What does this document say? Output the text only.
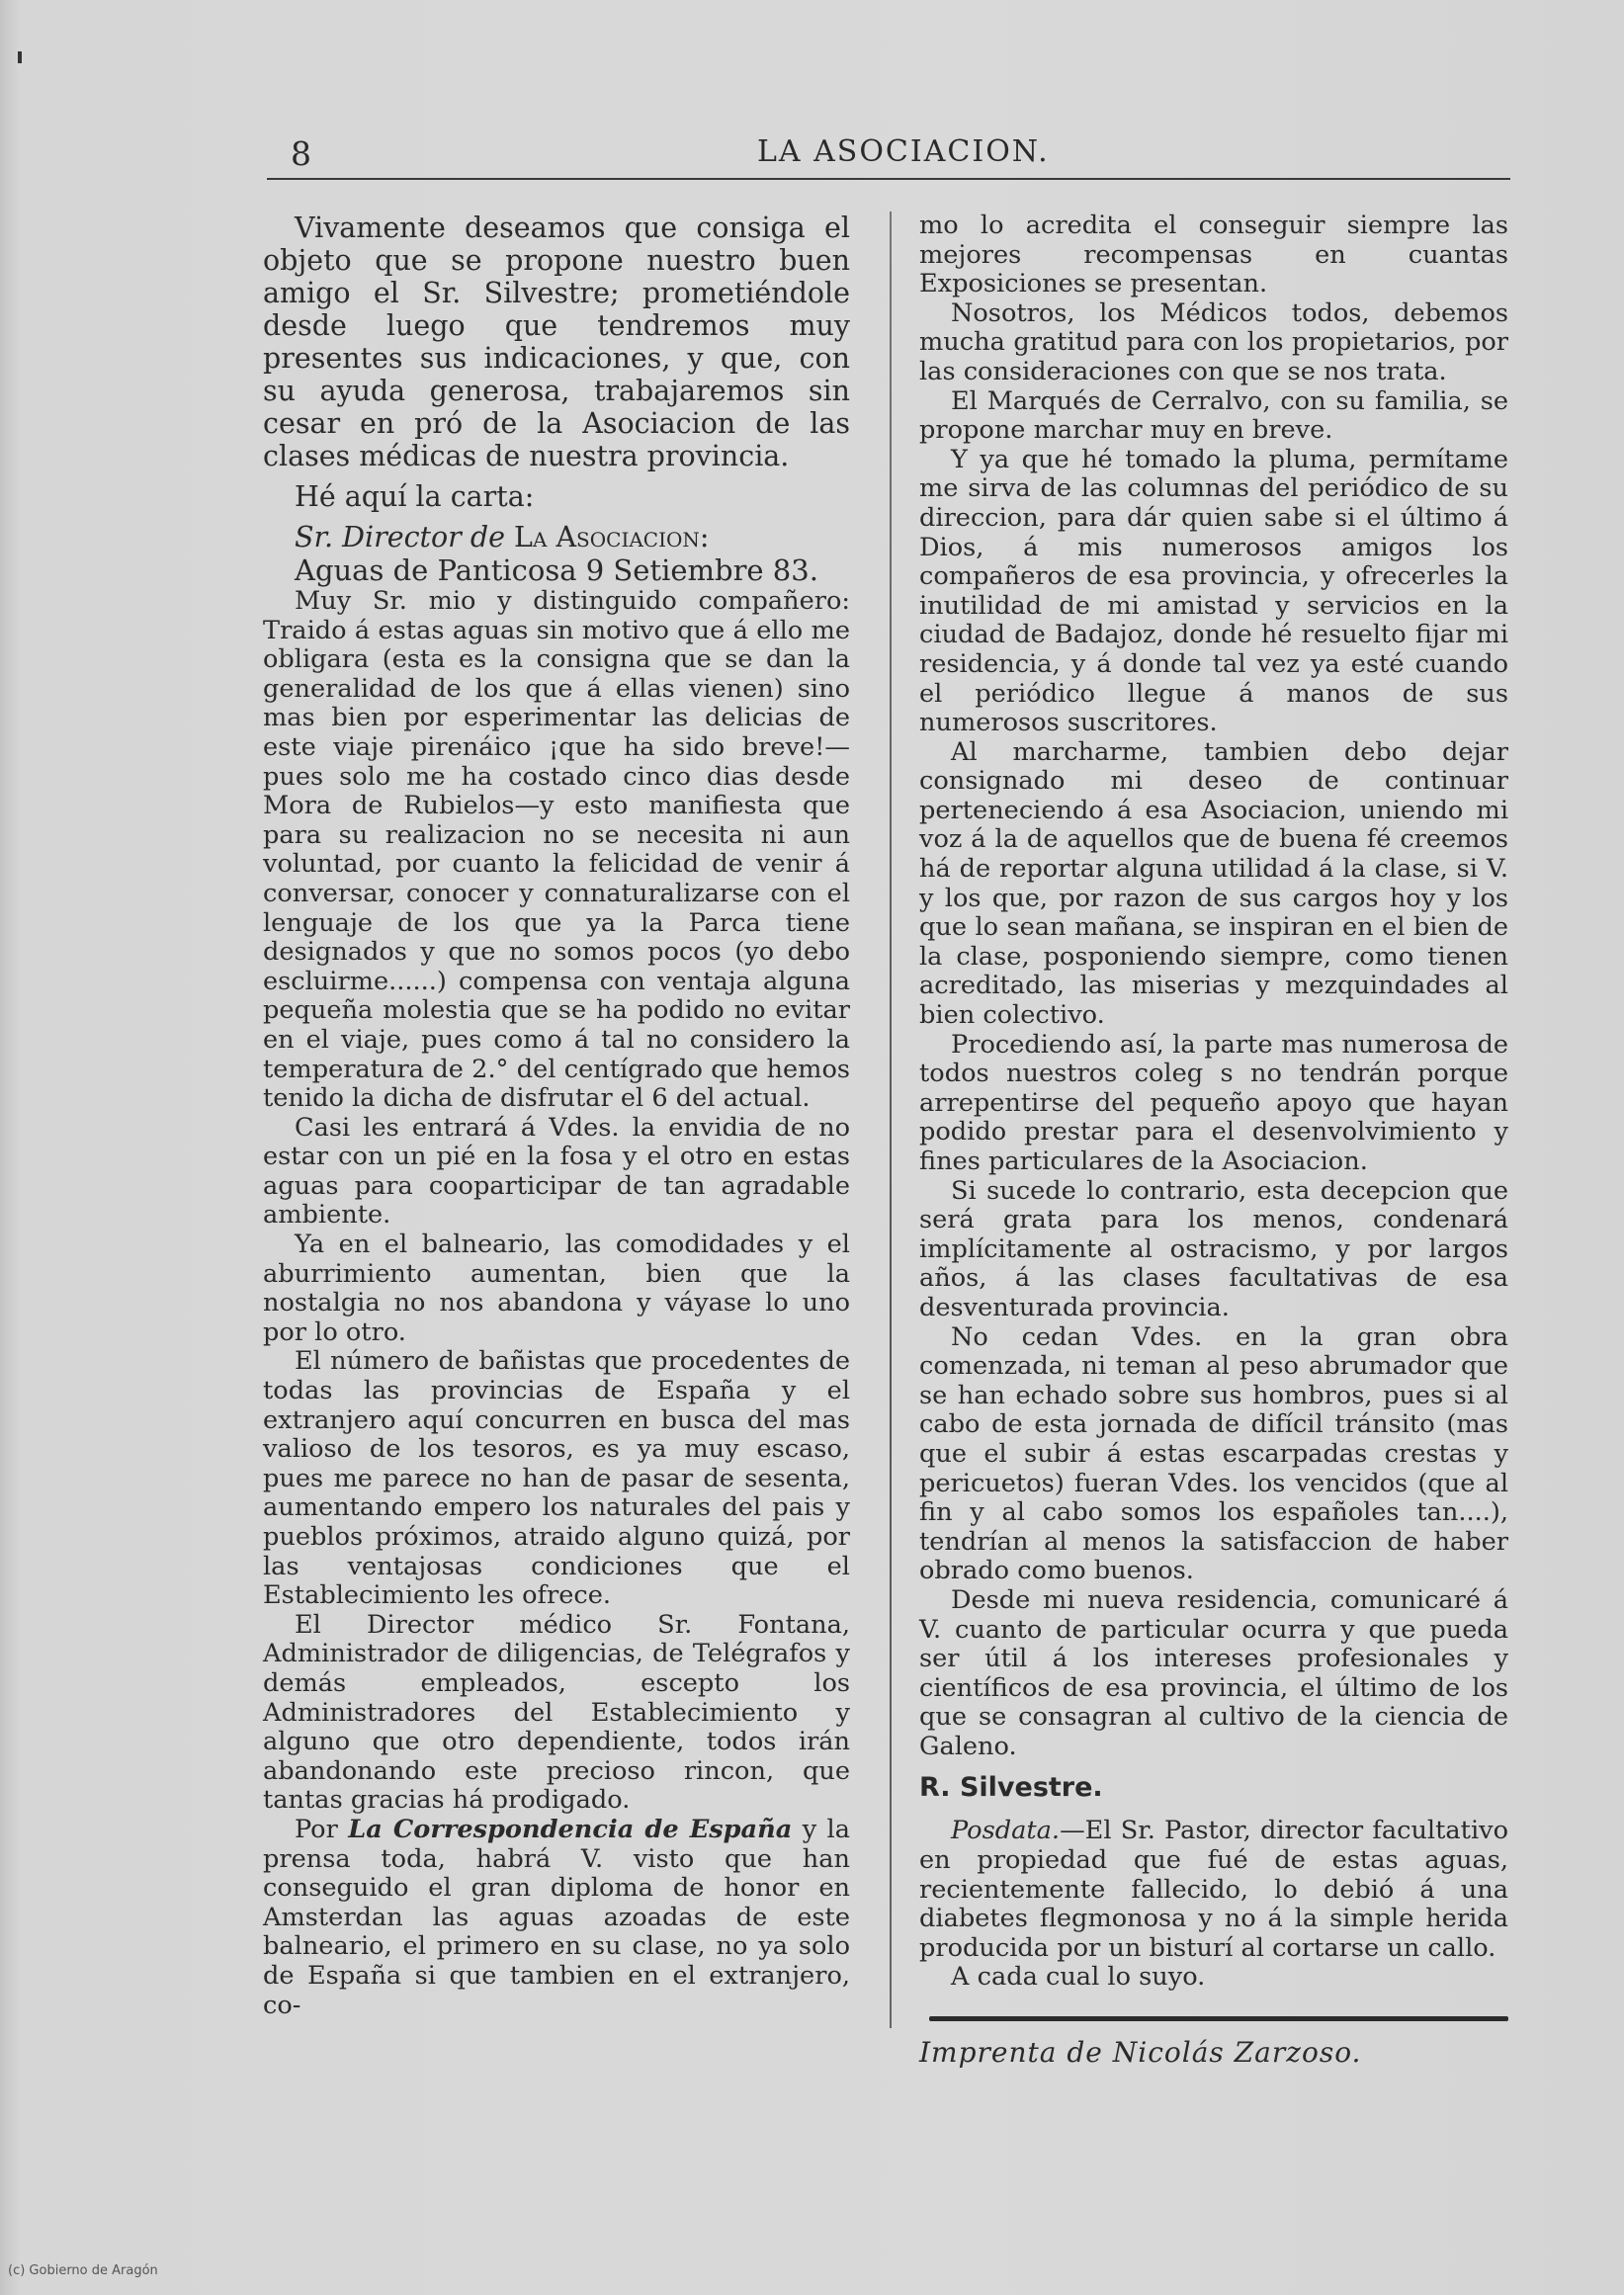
8	LA ASOCIACION.

Vivamente deseamos que consiga el objeto que se propone nuestro buen amigo el Sr. Silvestre; prometiéndole desde luego que tendremos muy presentes sus indicaciones, y que, con su ayuda generosa, trabajaremos sin cesar en pró de la Asociacion de las clases médicas de nuestra provincia.

Hé aquí la carta:

Sr. Director de La Asociacion:

Aguas de Panticosa 9 Setiembre 83.

Muy Sr. mio y distinguido compañero: Traido á estas aguas sin motivo que á ello me obligara (esta es la consigna que se dan la generalidad de los que á ellas vienen) sino mas bien por esperimentar las delicias de este viaje pirenáico ¡que ha sido breve!—pues solo me ha costado cinco dias desde Mora de Rubielos—y esto manifiesta que para su realizacion no se necesita ni aun voluntad, por cuanto la felicidad de venir á conversar, conocer y connaturalizarse con el lenguaje de los que ya la Parca tiene designados y que no somos pocos (yo debo escluirme......) compensa con ventaja alguna pequeña molestia que se ha podido no evitar en el viaje, pues como á tal no considero la temperatura de 2.° del centígrado que hemos tenido la dicha de disfrutar el 6 del actual.

Casi les entrará á Vdes. la envidia de no estar con un pié en la fosa y el otro en estas aguas para cooparticipar de tan agradable ambiente.

Ya en el balneario, las comodidades y el aburrimiento aumentan, bien que la nostalgia no nos abandona y váyase lo uno por lo otro.

El número de bañistas que procedentes de todas las provincias de España y el extranjero aquí concurren en busca del mas valioso de los tesoros, es ya muy escaso, pues me parece no han de pasar de sesenta, aumentando empero los naturales del pais y pueblos próximos, atraido alguno quizá, por las ventajosas condiciones que el Establecimiento les ofrece.

El Director médico Sr. Fontana, Administrador de diligencias, de Telégrafos y demás empleados, escepto los Administradores del Establecimiento y alguno que otro dependiente, todos irán abandonando este precioso rincon, que tantas gracias há prodigado.

Por La Correspondencia de España y la prensa toda, habrá V. visto que han conseguido el gran diploma de honor en Amsterdan las aguas azoadas de este balneario, el primero en su clase, no ya solo de España si que tambien en el extranjero, co-

mo lo acredita el conseguir siempre las mejores recompensas en cuantas Exposiciones se presentan.

Nosotros, los Médicos todos, debemos mucha gratitud para con los propietarios, por las consideraciones con que se nos trata.

El Marqués de Cerralvo, con su familia, se propone marchar muy en breve.

Y ya que hé tomado la pluma, permítame me sirva de las columnas del periódico de su direccion, para dár quien sabe si el último á Dios, á mis numerosos amigos los compañeros de esa provincia, y ofrecerles la inutilidad de mi amistad y servicios en la ciudad de Badajoz, donde hé resuelto fijar mi residencia, y á donde tal vez ya esté cuando el periódico llegue á manos de sus numerosos suscritores.

Al marcharme, tambien debo dejar consignado mi deseo de continuar perteneciendo á esa Asociacion, uniendo mi voz á la de aquellos que de buena fé creemos há de reportar alguna utilidad á la clase, si V. y los que, por razon de sus cargos hoy y los que lo sean mañana, se inspiran en el bien de la clase, posponiendo siempre, como tienen acreditado, las miserias y mezquindades al bien colectivo.

Procediendo así, la parte mas numerosa de todos nuestros coleg s no tendrán porque arrepentirse del pequeño apoyo que hayan podido prestar para el desenvolvimiento y fines particulares de la Asociacion.

Si sucede lo contrario, esta decepcion que será grata para los menos, condenará implícitamente al ostracismo, y por largos años, á las clases facultativas de esa desventurada provincia.

No cedan Vdes. en la gran obra comenzada, ni teman al peso abrumador que se han echado sobre sus hombros, pues si al cabo de esta jornada de difícil tránsito (mas que el subir á estas escarpadas crestas y pericuetos) fueran Vdes. los vencidos (que al fin y al cabo somos los españoles tan....), tendrían al menos la satisfaccion de haber obrado como buenos.

Desde mi nueva residencia, comunicaré á V. cuanto de particular ocurra y que pueda ser útil á los intereses profesionales y científicos de esa provincia, el último de los que se consagran al cultivo de la ciencia de Galeno.

R. Silvestre.

Posdata.—El Sr. Pastor, director facultativo en propiedad que fué de estas aguas, recientemente fallecido, lo debió á una diabetes flegmonosa y no á la simple herida producida por un bisturí al cortarse un callo.

A cada cual lo suyo.

Imprenta de Nicolás Zarzoso.

(c) Gobierno de Aragón
